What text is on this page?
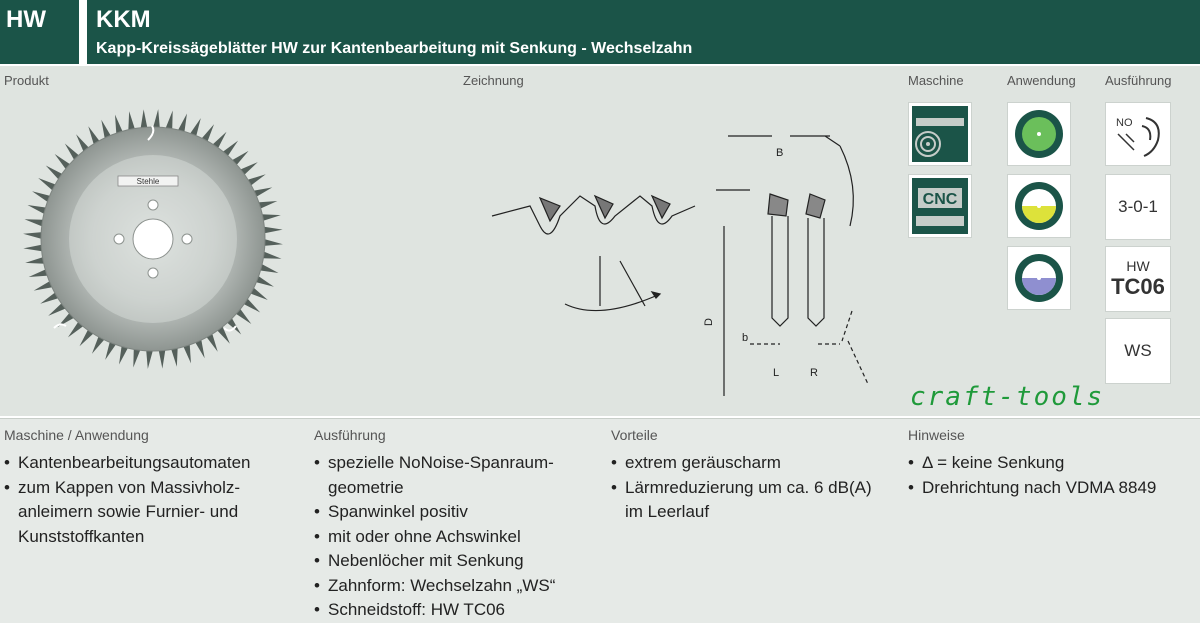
HW KKM
Kapp-Kreissägeblätter HW zur Kantenbearbeitung mit Senkung - Wechselzahn
Produkt	Zeichnung	Maschine	Anwendung Ausführung
Stehle
B
D
b
L	R
CNC
NO
3-0-1
HW
TC06
WS
craft-tools
Maschine / Anwendung
• Kantenbearbeitungsautomaten
• zum Kappen von Massivholz-
anleimern sowie Furnier- und
Kunststoffkanten
Ausführung
• spezielle NoNoise-Spanraum-
geometrie
• Spanwinkel positiv
• mit oder ohne Achswinkel
• Nebenlöcher mit Senkung
• Zahnform: Wechselzahn „WS“
• Schneidstoff: HW TC06
Vorteile
• extrem geräuscharm
• Lärmreduzierung um ca. 6 dB(A)
im Leerlauf
Hinweise
• Δ = keine Senkung
• Drehrichtung nach VDMA 8849
